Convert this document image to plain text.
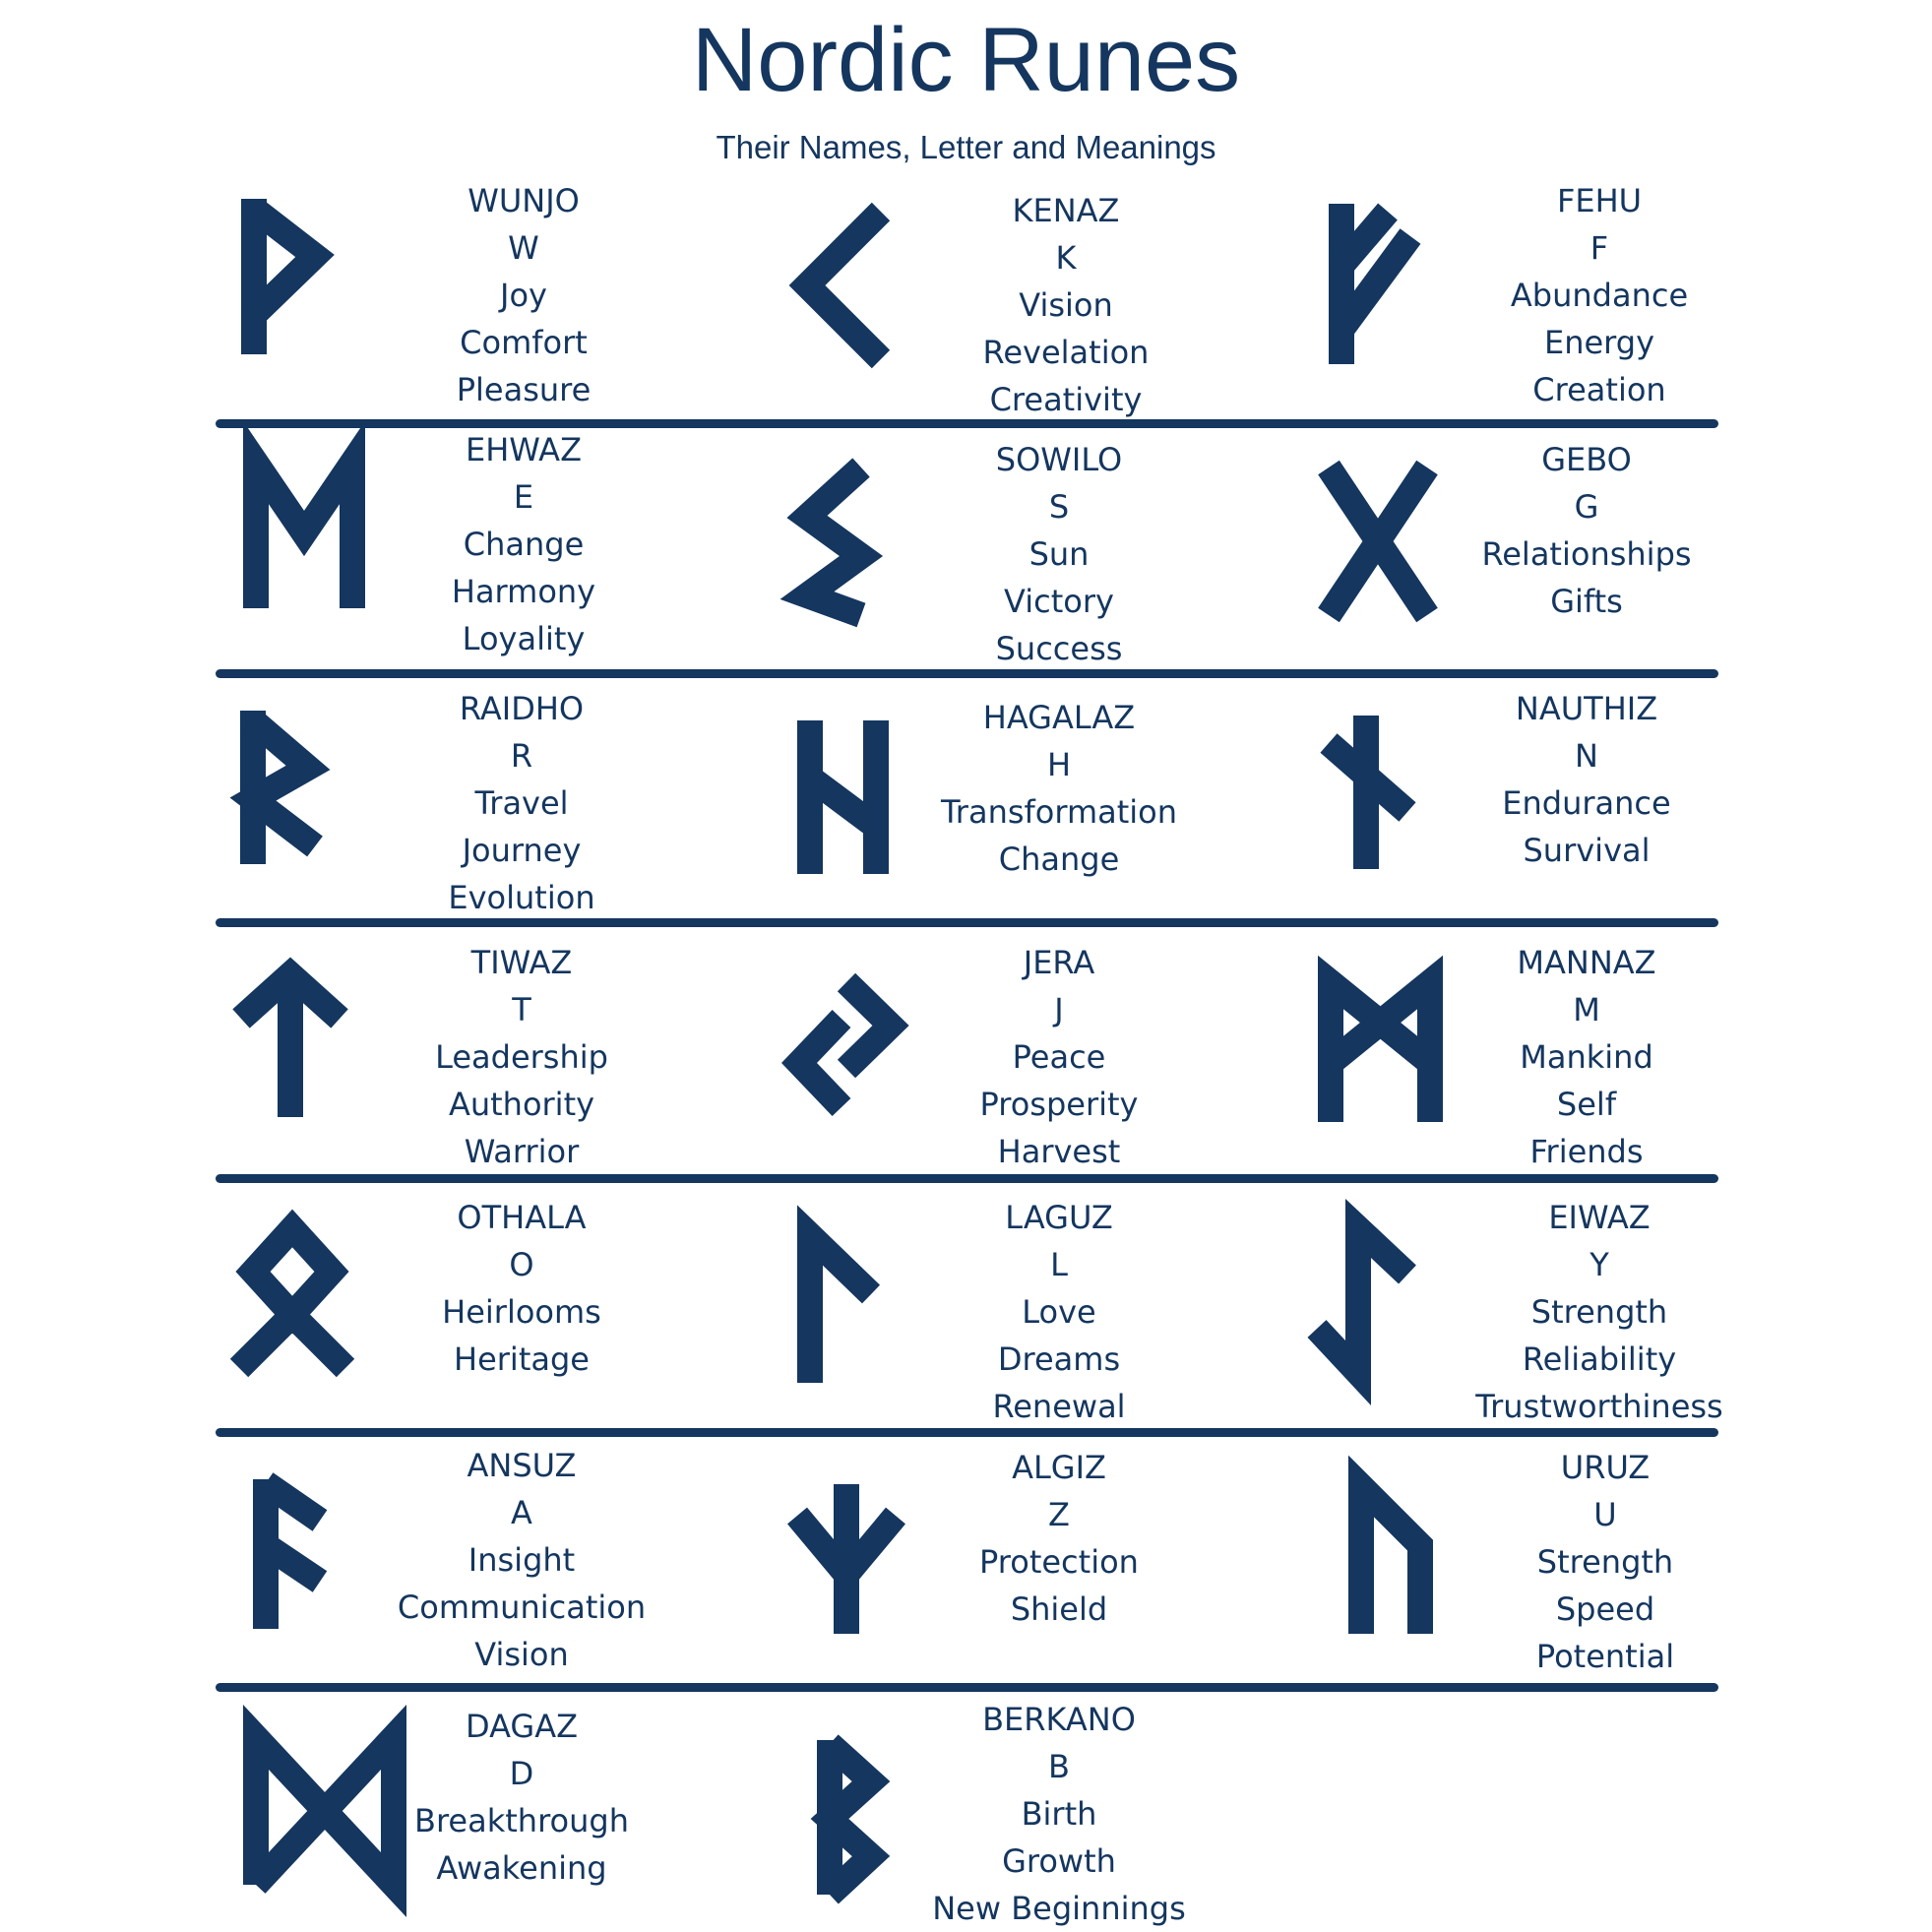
Nordic Runes
Their Names, Letter and Meanings
WUNJO
W
Joy
Comfort
Pleasure
KENAZ
K
Vision
Revelation
Creativity
FEHU
F
Abundance
Energy
Creation
EHWAZ
E
Change
Harmony
Loyality
SOWILO
S
Sun
Victory
Success
GEBO
G
Relationships
Gifts
RAIDHO
R
Travel
Journey
Evolution
HAGALAZ
H
Transformation
Change
NAUTHIZ
N
Endurance
Survival
TIWAZ
T
Leadership
Authority
Warrior
JERA
J
Peace
Prosperity
Harvest
MANNAZ
M
Mankind
Self
Friends
OTHALA
O
Heirlooms
Heritage
LAGUZ
L
Love
Dreams
Renewal
EIWAZ
Y
Strength
Reliability
Trustworthiness
ANSUZ
A
Insight
Communication
Vision
ALGIZ
Z
Protection
Shield
URUZ
U
Strength
Speed
Potential
DAGAZ
D
Breakthrough
Awakening
BERKANO
B
Birth
Growth
New Beginnings
